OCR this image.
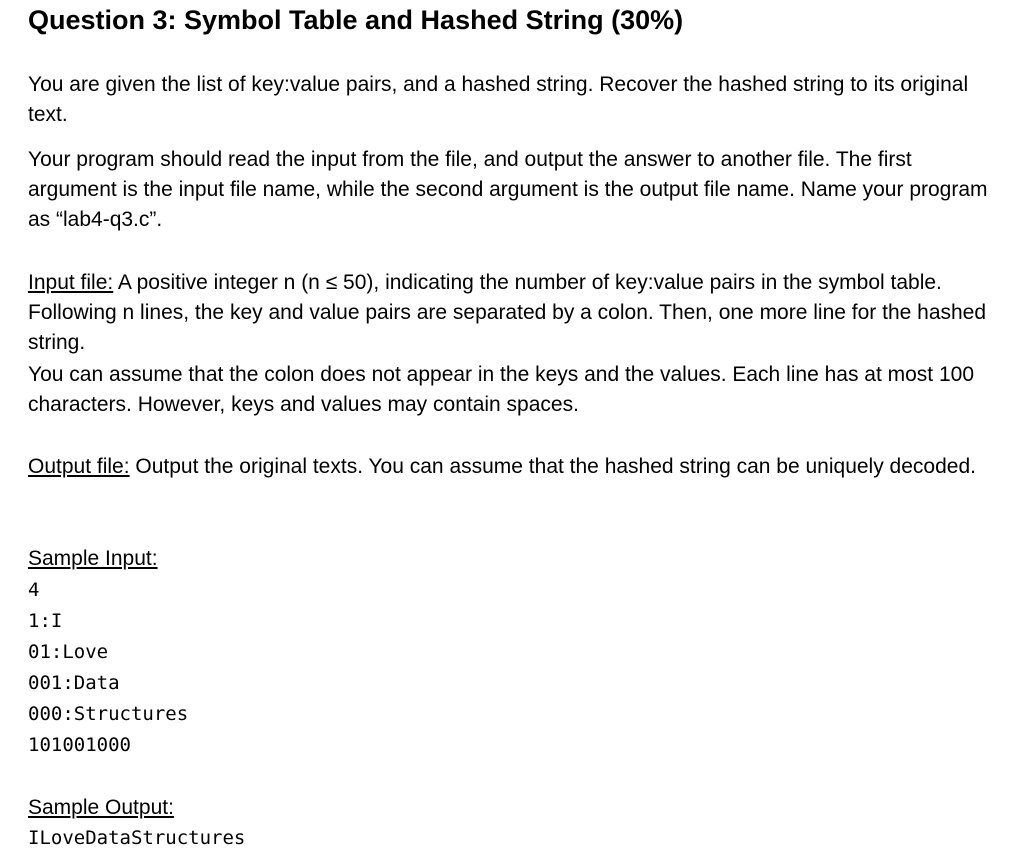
Question 3: Symbol Table and Hashed String (30%)

You are given the list of key:value pairs, and a hashed string. Recover the hashed string to its original text.

Your program should read the input from the file, and output the answer to another file. The first argument is the input file name, while the second argument is the output file name. Name your program as “lab4-q3.c”.

Input file: A positive integer n (n ≤ 50), indicating the number of key:value pairs in the symbol table. Following n lines, the key and value pairs are separated by a colon. Then, one more line for the hashed string.

You can assume that the colon does not appear in the keys and the values. Each line has at most 100 characters. However, keys and values may contain spaces.

Output file: Output the original texts. You can assume that the hashed string can be uniquely decoded.

Sample Input:
4
1:I
01:Love
001:Data
000:Structures
101001000
Sample Output:
ILoveDataStructures
